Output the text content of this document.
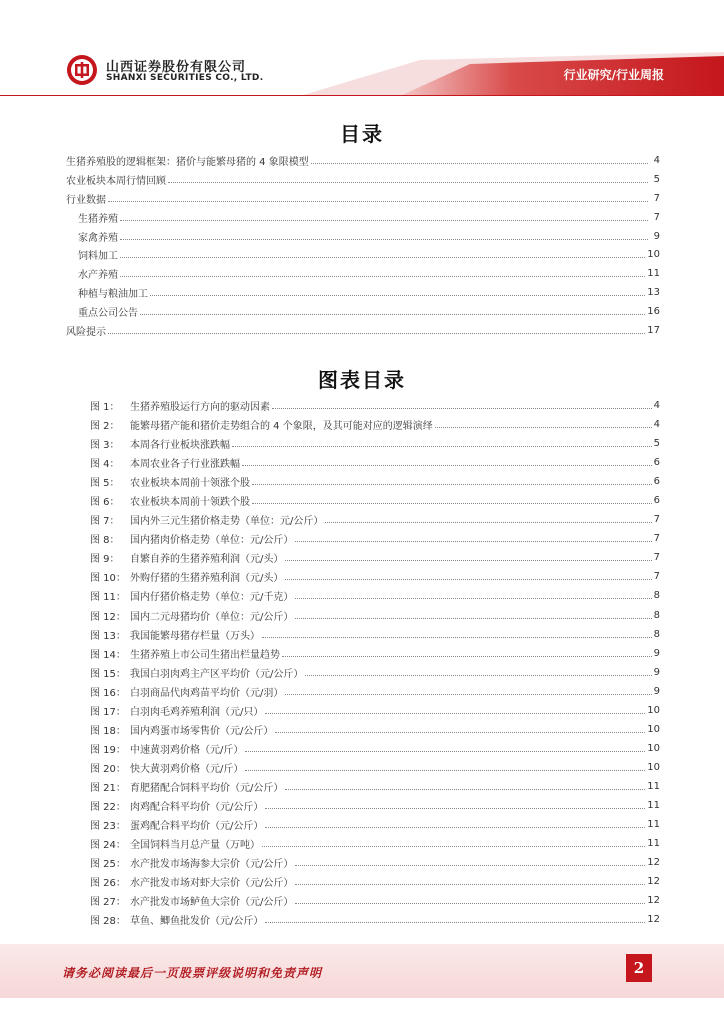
山西证券股份有限公司
SHANXI SECURITIES CO., LTD.	行业研究/行业周报
目录
生猪养殖股的逻辑框架：猪价与能繁母猪的 4 象限模型	4
农业板块本周行情回顾	5
行业数据	7
生猪养殖	7
家禽养殖	9
饲料加工	10
水产养殖	11
种植与粮油加工	13
重点公司公告	16
风险提示	17
图表目录
图 1：	生猪养殖股运行方向的驱动因素	4
图 2：	能繁母猪产能和猪价走势组合的 4 个象限，及其可能对应的逻辑演绎	4
图 3：	本周各行业板块涨跌幅	5
图 4：	本周农业各子行业涨跌幅	6
图 5：	农业板块本周前十领涨个股	6
图 6：	农业板块本周前十领跌个股	6
图 7：	国内外三元生猪价格走势（单位：元/公斤）	7
图 8：	国内猪肉价格走势（单位：元/公斤）	7
图 9：	自繁自养的生猪养殖利润（元/头）	7
图 10： 外购仔猪的生猪养殖利润（元/头）	7
图 11： 国内仔猪价格走势（单位：元/千克）	8
图 12： 国内二元母猪均价（单位：元/公斤）	8
图 13： 我国能繁母猪存栏量（万头）	8
图 14： 生猪养殖上市公司生猪出栏量趋势	9
图 15： 我国白羽肉鸡主产区平均价（元/公斤）	9
图 16： 白羽商品代肉鸡苗平均价（元/羽）	9
图 17： 白羽肉毛鸡养殖利润（元/只）	10
图 18： 国内鸡蛋市场零售价（元/公斤）	10
图 19： 中速黄羽鸡价格（元/斤）	10
图 20： 快大黄羽鸡价格（元/斤）	10
图 21： 育肥猪配合饲料平均价（元/公斤）	11
图 22： 肉鸡配合料平均价（元/公斤）	11
图 23： 蛋鸡配合料平均价（元/公斤）	11
图 24： 全国饲料当月总产量（万吨）	11
图 25： 水产批发市场海参大宗价（元/公斤）	12
图 26： 水产批发市场对虾大宗价（元/公斤）	12
图 27： 水产批发市场鲈鱼大宗价（元/公斤）	12
图 28： 草鱼、鲫鱼批发价（元/公斤）	12
请务必阅读最后一页股票评级说明和免责声明	2
